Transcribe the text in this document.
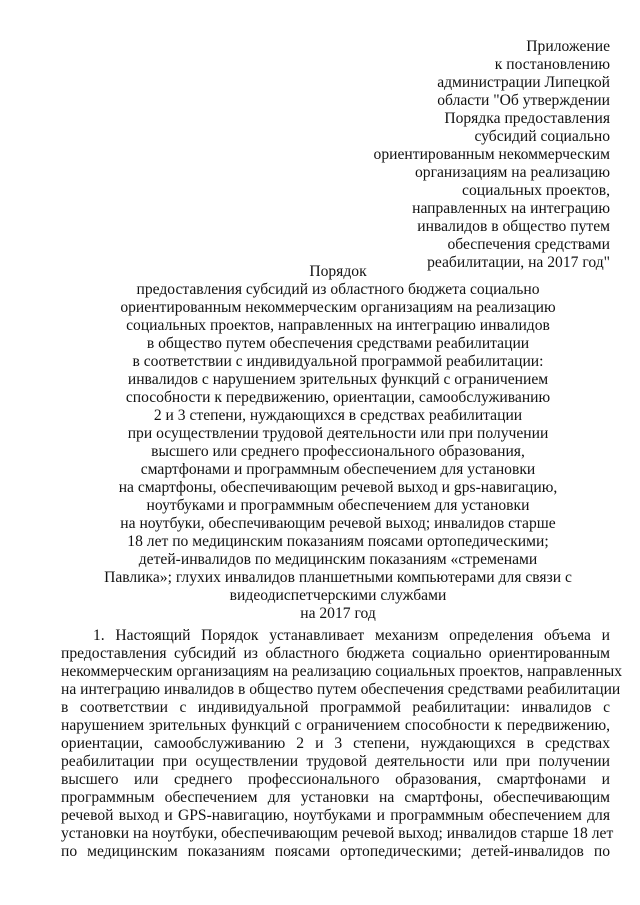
Приложение
к постановлению
администрации Липецкой
области "Об утверждении
Порядка предоставления
субсидий социально
ориентированным некоммерческим
организациям на реализацию
социальных проектов,
направленных на интеграцию
инвалидов в общество путем
обеспечения средствами
реабилитации, на 2017 год"
Порядок
предоставления субсидий из областного бюджета социально
ориентированным некоммерческим организациям на реализацию
социальных проектов, направленных на интеграцию инвалидов
в общество путем обеспечения средствами реабилитации
в соответствии с индивидуальной программой реабилитации:
инвалидов с нарушением зрительных функций с ограничением
способности к передвижению, ориентации, самообслуживанию
2 и 3 степени, нуждающихся в средствах реабилитации
при осуществлении трудовой деятельности или при получении
высшего или среднего профессионального образования,
смартфонами и программным обеспечением для установки
на смартфоны, обеспечивающим речевой выход и gps-навигацию,
ноутбуками и программным обеспечением для установки
на ноутбуки, обеспечивающим речевой выход; инвалидов старше
18 лет по медицинским показаниям поясами ортопедическими;
детей-инвалидов по медицинским показаниям «стременами
Павлика»; глухих инвалидов планшетными компьютерами для связи с
видеодиспетчерскими службами
на 2017 год
1. Настоящий Порядок устанавливает механизм определения объема и
предоставления субсидий из областного бюджета социально ориентированным
некоммерческим организациям на реализацию социальных проектов, направленных
на интеграцию инвалидов в общество путем обеспечения средствами реабилитации
в соответствии с индивидуальной программой реабилитации: инвалидов с
нарушением зрительных функций с ограничением способности к передвижению,
ориентации, самообслуживанию 2 и 3 степени, нуждающихся в средствах
реабилитации при осуществлении трудовой деятельности или при получении
высшего или среднего профессионального образования, смартфонами и
программным обеспечением для установки на смартфоны, обеспечивающим
речевой выход и GPS-навигацию, ноутбуками и программным обеспечением для
установки на ноутбуки, обеспечивающим речевой выход; инвалидов старше 18 лет
по медицинским показаниям поясами ортопедическими; детей-инвалидов по
